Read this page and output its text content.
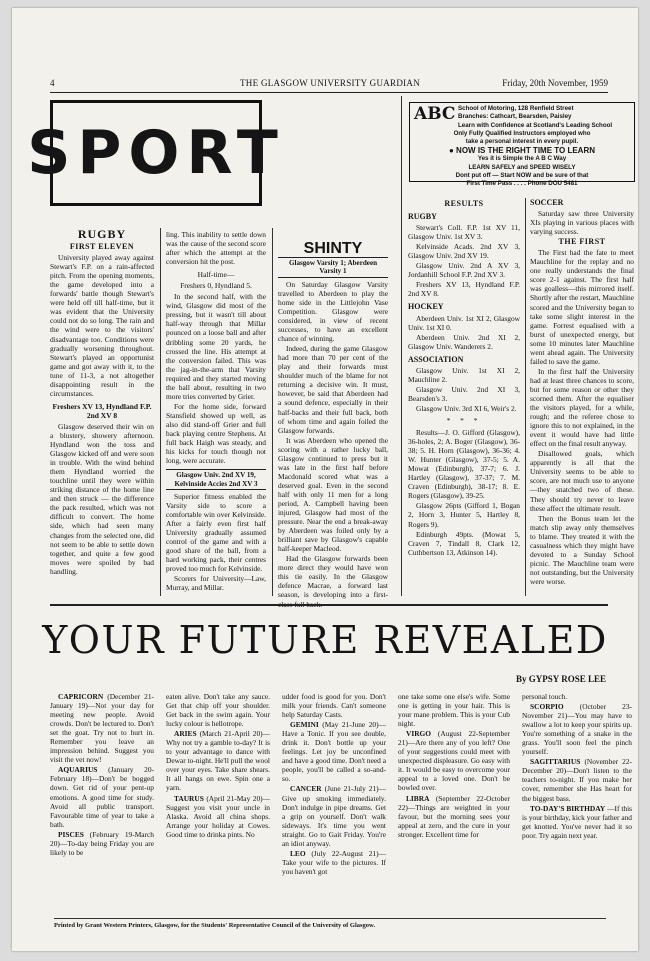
4	THE GLASGOW UNIVERSITY GUARDIAN	Friday, 20th November, 1959
SPORT
ABC School of Motoring, 128 Renfield Street
Branches: Cathcart, Bearsden, Paisley
Learn with Confidence at Scotland's Leading School
Only Fully Qualified Instructors employed who
take a personal interest in every pupil.
● NOW IS THE RIGHT TIME TO LEARN
Yes it is Simple the A B C Way
LEARN SAFELY and SPEED WISELY
Dont put off — Start NOW and be sure of that
First Time Pass . . . . Phone DOU 5481
RUGBY
FIRST ELEVEN

University played away against Stewart's F.P. on a rain-affected pitch. From the opening moments, the game developed into a forwards' battle though Stewart's were held off till half-time, but it was evident that the University could not do so long. The rain and the wind were to the visitors' disadvantage too. Conditions were gradually worsening throughout. Stewart's played an opportunist game and got away with it, to the tune of 11-3, a not altogether disappointing result in the circumstances.

Freshers XV 13, Hyndland F.P. 2nd XV 8

Glasgow deserved their win on a blustery, showery afternoon. Hyndland won the toss and Glasgow kicked off and were soon in trouble. With the wind behind them Hyndland worried the touchline until they were within striking distance of the home line and then struck — the difference the pack resulted, which was not difficult to convert. The home side, which had seen many changes from the selected one, did not seem to be able to settle down together, and quite a few good moves were spoiled by bad handling.

ling. This inability to settle down was the cause of the second score after which the attempt at the conversion hit the post.

Half-time—
Freshers 0, Hyndland 5.

In the second half, with the wind, Glasgow did most of the pressing, but it wasn't till about half-way through that Millar pounced on a loose ball and after dribbling some 20 yards, he crossed the line. His attempt at the conversion failed. This was the jag-in-the-arm that Varsity required and they started moving the ball about, resulting in two more tries converted by Grier.

For the home side, forward Stansfield showed up well, as also did stand-off Grier and full back playing centre Stephens. At full back Haigh was steady, and his kicks for touch though not long, were accurate.

Glasgow Univ. 2nd XV 19, Kelvinside Accies 2nd XV 3

Superior fitness enabled the Varsity side to score a comfortable win over Kelvinside. After a fairly even first half University gradually assumed control of the game and with a good share of the ball, from a hard working pack, their centres proved too much for Kelvinside.

Scorers for University—Law, Murray, and Millar.

SHINTY
Glasgow Varsity 1; Aberdeen Varsity 1

On Saturday Glasgow Varsity travelled to Aberdeen to play the home side in the Littlejohn Vase Competition. Glasgow were considered, in view of recent successes, to have an excellent chance of winning.

Indeed, during the game Glasgow had more than 70 per cent of the play and their forwards must shoulder much of the blame for not returning a decisive win. It must, however, be said that Aberdeen had a sound defence, especially in their half-backs and their full back, both of whom time and again foiled the Glasgow forwards.

It was Aberdeen who opened the scoring with a rather lucky ball, Glasgow continued to press but it was late in the first half before Macdonald scored what was a deserved goal. Even in the second half with only 11 men for a long period, A. Campbell having been injured, Glasgow had most of the pressure. Near the end a break-away by Aberdeen was foiled only by a brilliant save by Glasgow's capable half-keeper Macleod.

Had the Glasgow forwards been more direct they would have won this tie easily. In the Glasgow defence Macrae, a forward last season, is developing into a first-

RESULTS
RUGBY

Stewart's Coll. F.P. 1st XV 11, Glasgow Univ. 1st XV 3.

Kelvinside Acads. 2nd XV 3, Glasgow Univ. 2nd XV 19.

Glasgow Univ. 2nd A XV 3, Jordanhill School F.P. 2nd XV 3.

Freshers XV 13, Hyndland F.P. 2nd XV 8.

HOCKEY

Aberdeen Univ. 1st XI 2, Glasgow Univ. 1st XI 0.

Aberdeen Univ. 2nd XI 2, Glasgow Univ. Wanderers 2.

ASSOCIATION

Glasgow Univ. 1st XI 2, Mauchline 2.

Glasgow Univ. 2nd XI 3, Bearsden's 3.

Glasgow Univ. 3rd XI 6, Weir's 2.

* * *

Results—J. O. Gifford (Glasgow), 36-holes, 2; A. Boger (Glasgow), 36-38; 5. H. Horn (Glasgow), 36-36; 4. W. Hunter (Glasgow), 37-5; 5. A. Mowat (Edinburgh), 37-7; 6. J. Hartley (Glasgow), 37-37; 7. M. Craven (Edinburgh), 38-17; 8. E. Rogers (Glasgow), 39-25.

Glasgow 26pts (Gifford 1, Bogan 2, Horn 3, Hunter 5, Hartley 8, Rogers 9).

Edinburgh 49pts. (Mowat 5, Craven 7, Tindall 8, Clark 12, Cuthbertson 13, Atkinson 14).

SOCCER

Saturday saw three University XIs playing in various places with varying success.

THE FIRST

The First had the fate to meet Mauchline for the replay and no one really understands the final score 2-1 against. The first half was goalless—this mirrored itself. Shortly after the restart, Mauchline scored and the University began to take some slight interest in the game. Forrest equalised with a burst of unexpected energy, but some 10 minutes later Mauchline went ahead again. The University failed to save the game.

In the first half the University had at least three chances to score, but for some reason or other they scorned them. After the equaliser the visitors played, for a while, rough; and the referee chose to ignore this to not explained, in the event it would have had little effect on the final result anyway.

Disallowed goals, which apparently is all that the University seems to be able to score, are not much use to anyone—they snatched two of these. They should try never to leave these affect the ultimate result.

Then the Bonus team let the match slip away only themselves to blame. They treated it with the casualness which they might have devoted to a Sunday School picnic. The Mauchline team were not outstanding, but the University were worse.

YOUR FUTURE REVEALED
By GYPSY ROSE LEE

CAPRICORN (December 21-January 19)—Not your day for meeting new people. Avoid crowds. Don't be lectured to. Don't set the goat. Try not to hurt in. Remember you leave an impression behind. Suggest you visit the vet now!

AQUARIUS (January 20-February 18)—Don't be bogged down. Get rid of your pent-up emotions. A good time for study. Avoid all public transport. Favourable time of year to take a bath.

PISCES (February 19-March 20)—To-day being Friday you are likely to be

eaten alive. Don't take any sauce. Get that chip off your shoulder. Get back in the swim again. Your lucky colour is hellotrope.

ARIES (March 21-April 20)—Why not try a gamble to-day? It is to your advantage to dance with Dewar to-night. He'll pull the wool over your eyes. Take share shears. It all hangs on ewe. Spin one a yarn.

TAURUS (April 21-May 20)—Suggest you visit your uncle in Alaska. Avoid all china shops. Arrange your holiday at Cowes. Good time to drinka pints. No

udder food is good for you. Don't milk your friends. Can't someone help Saturday Casts.

GEMINI (May 21-June 20)—Have a Tonic. If you see double, drink it. Don't bottle up your feelings. Let joy be unconfined and have a good time. Don't need a people, you'll be called a so-and-so.

CANCER (June 21-July 21)—Give up smoking immediately. Don't indulge in pipe dreams. Get a grip on yourself. Don't walk sideways. It's time you went straight. Go to Gait Friday. You're an idiot anyway.

LEO (July 22-August 21)—Take your wife to the pictures. If you haven't got

one take some one else's wife. Some one is getting in your hair. This is your mane problem. This is your Cub night.

VIRGO (August 22-September 21)—Are there any of you left? One of your suggestions could meet with unexpected displeasure. Go easy with it. It would be easy to overcome your appeal to a loved one. Don't be bowled over.

LIBRA (September 22-October 22)—Things are weighted in your favour, but the morning sees your appeal at zero, and the cure in your stronger. Excellent time for

personal touch.

SCORPIO (October 23-November 21)—You may have to swallow a lot to keep your spirits up. You're something of a snake in the grass. You'll soon feel the pinch yourself.

SAGITTARIUS (November 22-December 20)—Don't listen to the teachers to-night. If you make her cover, remember she Has heart for the biggest bass.

TO-DAY'S BIRTHDAY —If this is your birthday, kick your father and get knotted. You've never had it so poor. Try again next year.

Printed by Grant Western Printers, Glasgow, for the Students' Representative Council of the University of Glasgow.
